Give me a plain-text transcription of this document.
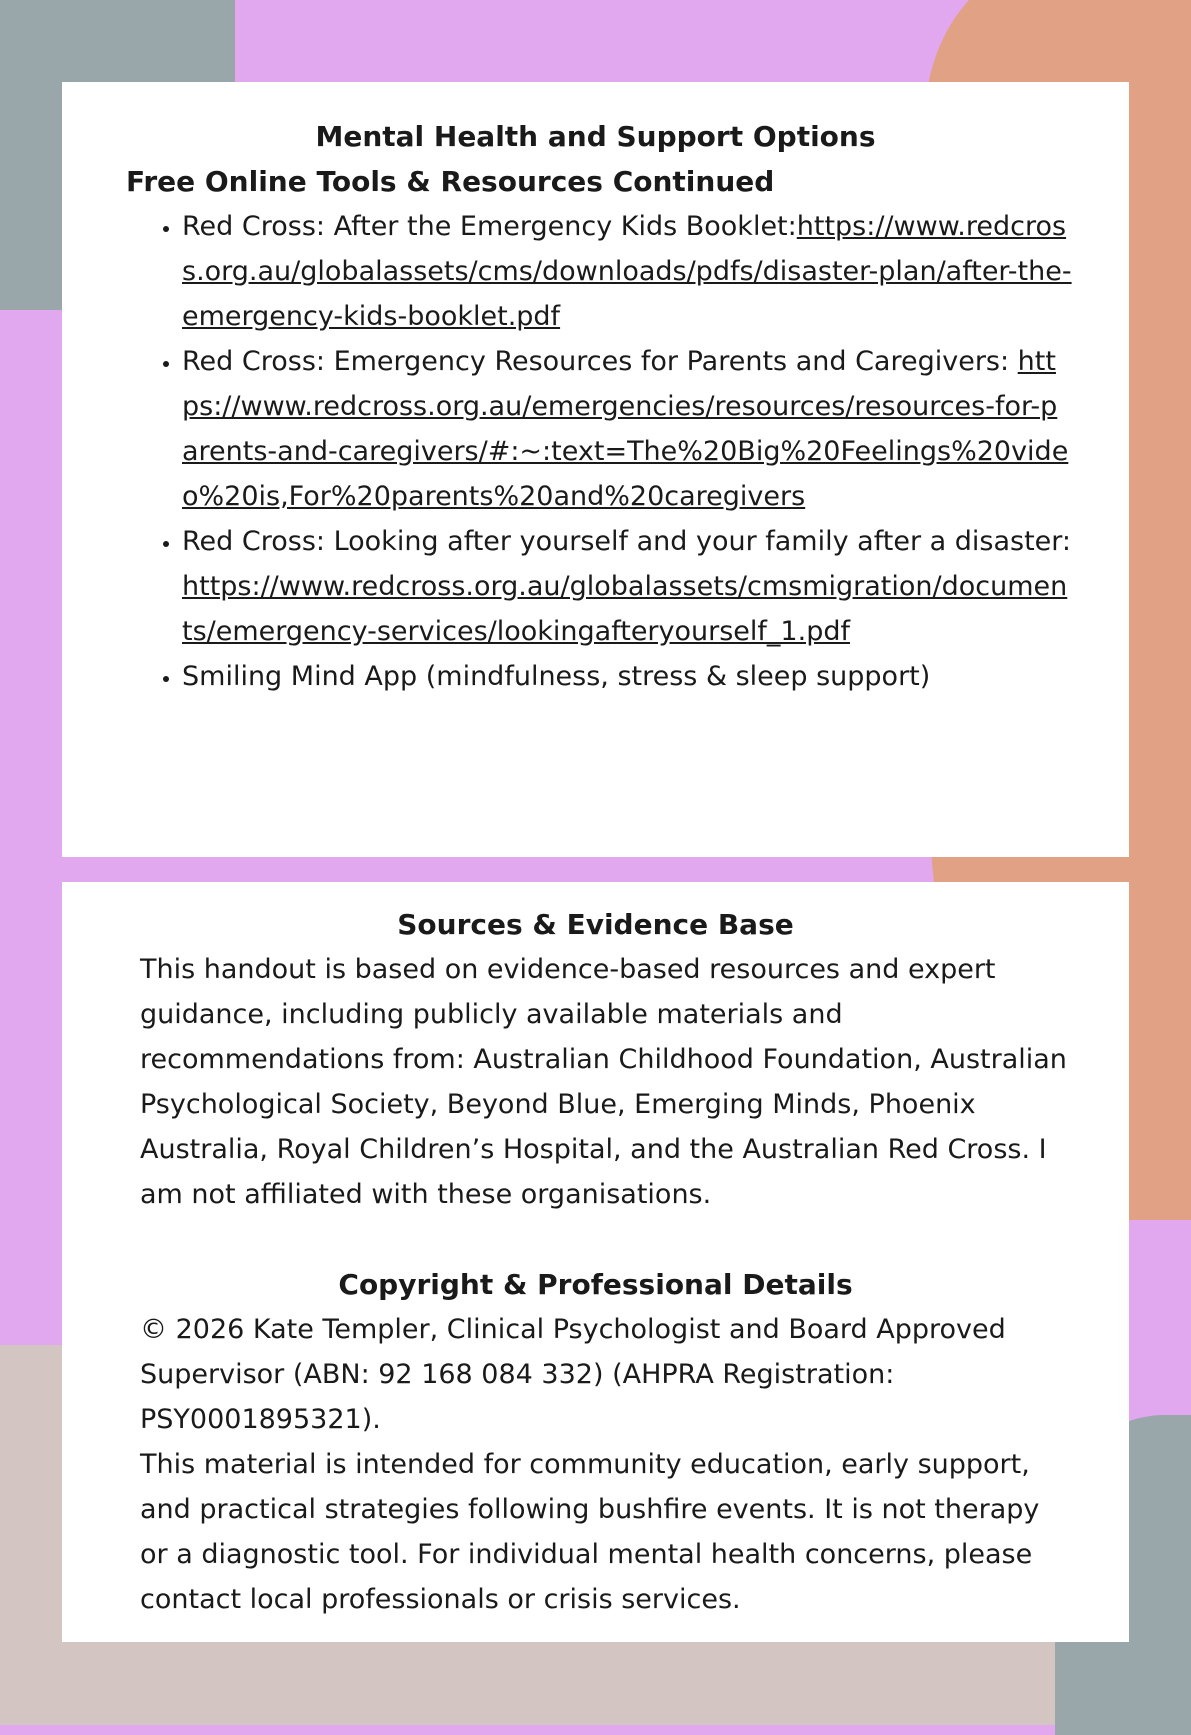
Mental Health and Support Options
Free Online Tools & Resources Continued
• Red Cross: After the Emergency Kids Booklet:https://www.redcross.org.au/globalassets/cms/downloads/pdfs/disaster-plan/after-the-emergency-kids-booklet.pdf
• Red Cross: Emergency Resources for Parents and Caregivers: https://www.redcross.org.au/emergencies/resources/resources-for-parents-and-caregivers/#:~:text=The%20Big%20Feelings%20video%20is,For%20parents%20and%20caregivers
• Red Cross: Looking after yourself and your family after a disaster: https://www.redcross.org.au/globalassets/cmsmigration/documents/emergency-services/lookingafteryourself_1.pdf
• Smiling Mind App (mindfulness, stress & sleep support)
Sources & Evidence Base

This handout is based on evidence-based resources and expert guidance, including publicly available materials and recommendations from: Australian Childhood Foundation, Australian Psychological Society, Beyond Blue, Emerging Minds, Phoenix Australia, Royal Children’s Hospital, and the Australian Red Cross. I am not affiliated with these organisations.

Copyright & Professional Details

© 2026 Kate Templer, Clinical Psychologist and Board Approved Supervisor (ABN: 92 168 084 332) (AHPRA Registration: PSY0001895321).

This material is intended for community education, early support, and practical strategies following bushfire events. It is not therapy or a diagnostic tool. For individual mental health concerns, please contact local professionals or crisis services.
